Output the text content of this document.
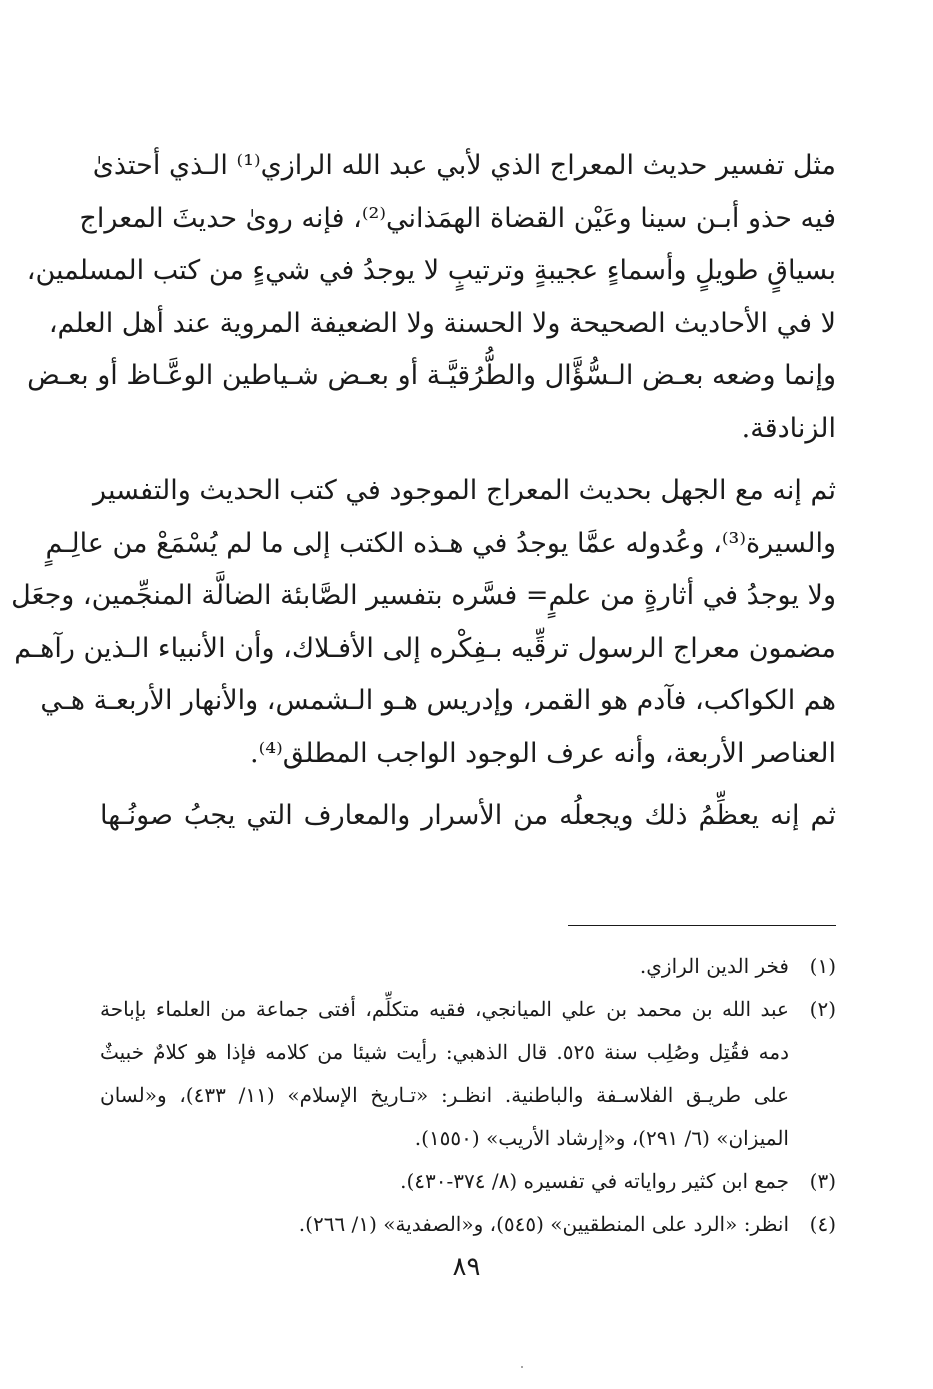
مثل تفسير حديث المعراج الذي لأبي عبد الله الرازي⁽¹⁾ الـذي أحتذىٰ
فيه حذو أبـن سينا وعَيْن القضاة الهمَذاني⁽²⁾، فإنه روىٰ حديثَ المعراج
بسياقٍ طويلٍ وأسماءٍ عجيبةٍ وترتيبٍ لا يوجدُ في شيءٍ من كتب المسلمين،
لا في الأحاديث الصحيحة ولا الحسنة ولا الضعيفة المروية عند أهل العلم،
وإنما وضعه بعـض الـسُّؤَّال والطُّرُقيَّـة أو بعـض شـياطين الوعَّـاظ أو بعـض
الزنادقة.
ثم إنه مع الجهل بحديث المعراج الموجود في كتب الحديث والتفسير
والسيرة⁽³⁾، وعُدوله عمَّا يوجدُ في هـذه الكتب إلى ما لم يُسْمَعْ من عالِـمٍ
ولا يوجدُ في أثارةٍ من علمٍ= فسَّره بتفسير الصَّابئة الضالَّة المنجِّمين، وجعَل
مضمون معراج الرسول ترقِّيه بـفِكْره إلى الأفـلاك، وأن الأنبياء الـذين رآهـم
هم الكواكب، فآدم هو القمر، وإدريس هـو الـشمس، والأنهار الأربعـة هـي
العناصر الأربعة، وأنه عرف الوجود الواجب المطلق⁽⁴⁾.
ثم إنه يعظِّمُ ذلك ويجعلُه من الأسرار والمعارف التي يجبُ صونُـها
(١)فخر الدين الرازي.
(٢)عبد الله بن محمد بن علي الميانجي، فقيه متكلِّم، أفتى جماعة من العلماء بإباحة
دمه فقُتِل وصُلِب سنة ٥٢٥. قال الذهبي: رأيت شيئا من كلامه فإذا هو كلامٌ خبيثٌ
على طريـق الفلاسـفة والباطنية. انظـر: «تـاريخ الإسلام» (١١/ ٤٣٣)، و«لسان
الميزان» (٦/ ٢٩١)، و«إرشاد الأريب» (١٥٥٠).
(٣)جمع ابن كثير رواياته في تفسيره (٨/ ٣٧٤-٤٣٠).
(٤)انظر: «الرد على المنطقيين» (٥٤٥)، و«الصفدية» (١/ ٢٦٦).
٨٩
